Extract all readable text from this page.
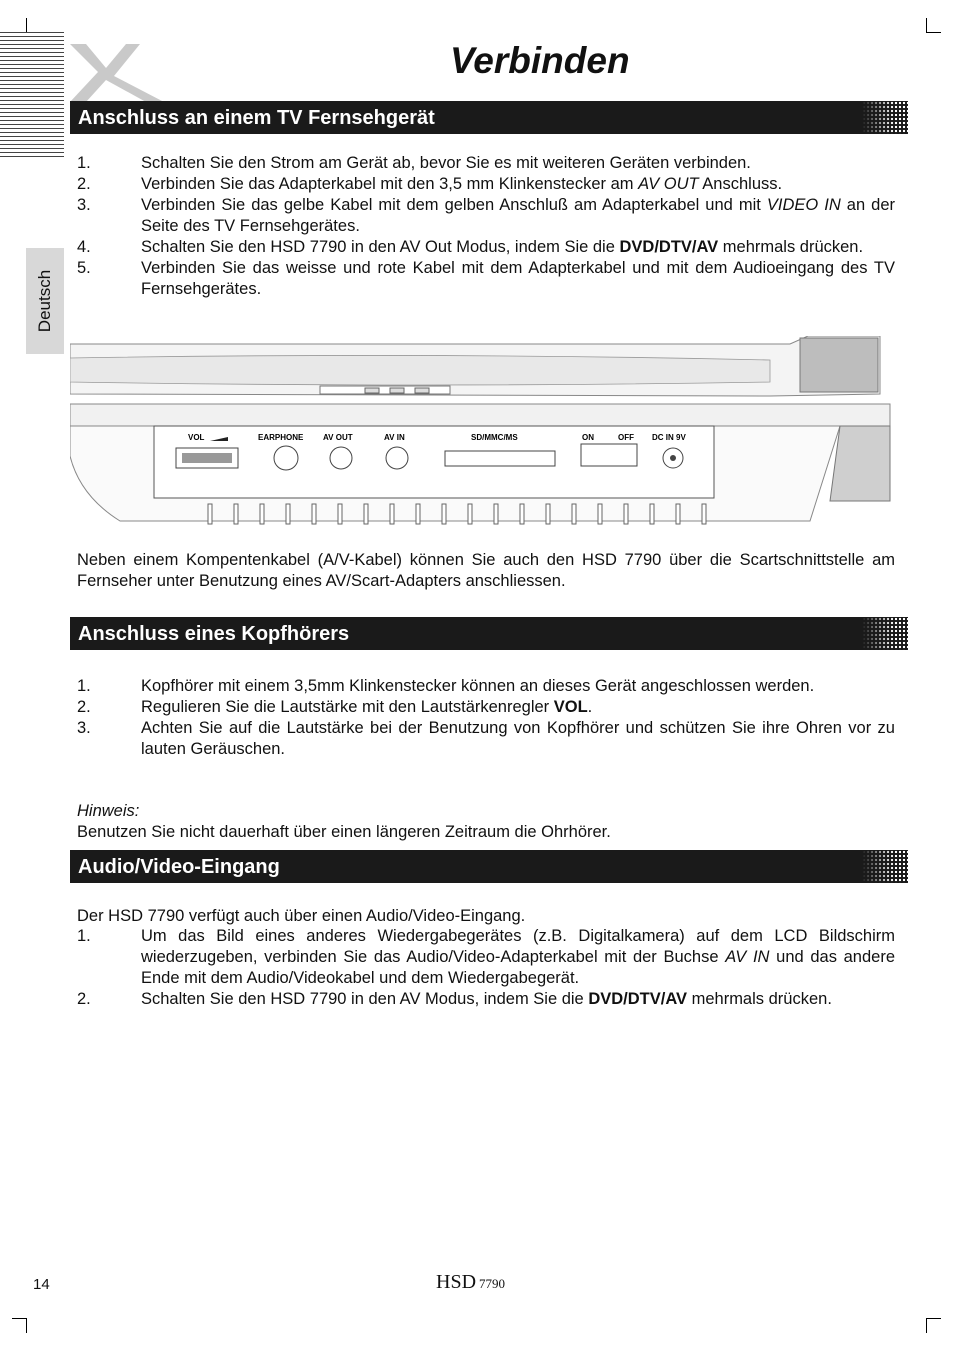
Deutsch
Verbinden
Anschluss an einem TV Fernsehgerät
1.	Schalten Sie den Strom am Gerät ab, bevor Sie es mit weiteren Geräten verbinden.
2.	Verbinden Sie das Adapterkabel mit den 3,5 mm Klinkenstecker am AV OUT Anschluss.
3.	Verbinden Sie das gelbe Kabel mit dem gelben Anschluß am Adapterkabel und mit VIDEO IN an der Seite des TV Fernsehgerätes.
4.	Schalten Sie den HSD 7790 in den AV Out Modus, indem Sie die DVD/DTV/AV mehrmals drücken.
5.	Verbinden Sie das weisse und rote Kabel mit dem Adapterkabel und mit dem Audioeingang des TV Fernsehgerätes.
VOL	EARPHONE AV OUT	AV IN	SD/MMC/MS	ON	OFF DC IN 9V
Neben einem Kompentenkabel (A/V-Kabel) können Sie auch den HSD 7790 über die Scartschnittstelle am Fernseher unter Benutzung eines AV/Scart-Adapters anschliessen.
Anschluss eines Kopfhörers
1.	Kopfhörer mit einem 3,5mm Klinkenstecker können an dieses Gerät angeschlossen werden.
2.	Regulieren Sie die Lautstärke mit den Lautstärkenregler VOL.
3.	Achten Sie auf die Lautstärke bei der Benutzung von Kopfhörer und schützen Sie ihre Ohren vor zu lauten Geräuschen.
Hinweis:
Benutzen Sie nicht dauerhaft über einen längeren Zeitraum die Ohrhörer.
Audio/Video-Eingang
Der HSD 7790 verfügt auch über einen Audio/Video-Eingang.
1.	Um das Bild eines anderes Wiedergabegerätes (z.B. Digitalkamera) auf dem LCD Bildschirm wiederzugeben, verbinden Sie das Audio/Video-Adapterkabel mit der Buchse AV IN und das andere Ende mit dem Audio/Videokabel und dem Wiedergabegerät.
2.	Schalten Sie den HSD 7790 in den AV Modus, indem Sie die DVD/DTV/AV mehrmals drücken.
14	HSD 7790
